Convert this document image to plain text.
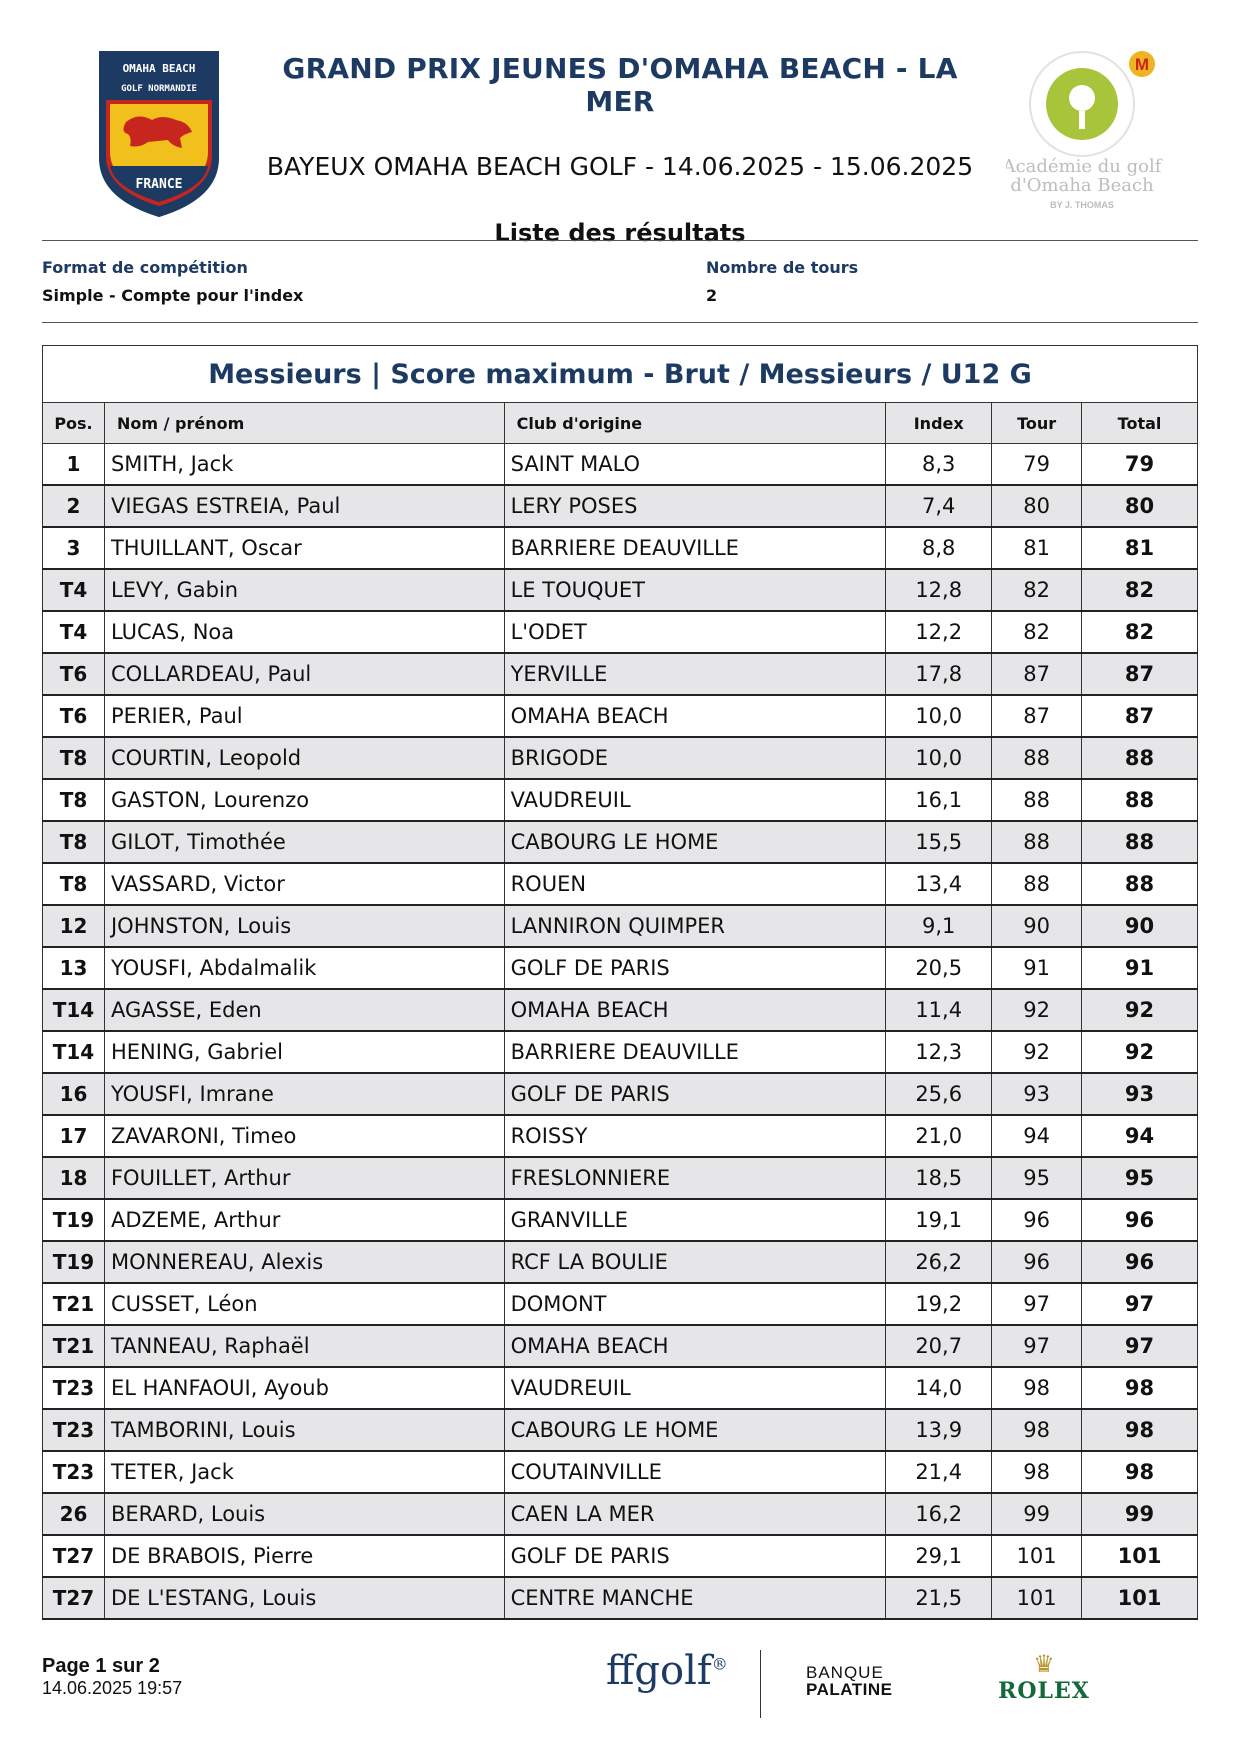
OMAHA BEACH
GOLF NORMANDIE
FRANCE
GRAND PRIX JEUNES D'OMAHA BEACH - LA MER
BAYEUX OMAHA BEACH GOLF - 14.06.2025 - 15.06.2025
Liste des résultats
M
Académie du golf
d'Omaha Beach
BY J. THOMAS
Format de compétition
Simple - Compte pour l'index
Nombre de tours
2
Messieurs | Score maximum - Brut / Messieurs / U12 G					
Pos.	Nom / prénom	Club d'origine	Index	Tour	Total
1	SMITH, Jack	SAINT MALO	8,3	79	79
2	VIEGAS ESTREIA, Paul	LERY POSES	7,4	80	80
3	THUILLANT, Oscar	BARRIERE DEAUVILLE	8,8	81	81
T4	LEVY, Gabin	LE TOUQUET	12,8	82	82
T4	LUCAS, Noa	L'ODET	12,2	82	82
T6	COLLARDEAU, Paul	YERVILLE	17,8	87	87
T6	PERIER, Paul	OMAHA BEACH	10,0	87	87
T8	COURTIN, Leopold	BRIGODE	10,0	88	88
T8	GASTON, Lourenzo	VAUDREUIL	16,1	88	88
T8	GILOT, Timothée	CABOURG LE HOME	15,5	88	88
T8	VASSARD, Victor	ROUEN	13,4	88	88
12	JOHNSTON, Louis	LANNIRON QUIMPER	9,1	90	90
13	YOUSFI, Abdalmalik	GOLF DE PARIS	20,5	91	91
T14	AGASSE, Eden	OMAHA BEACH	11,4	92	92
T14	HENING, Gabriel	BARRIERE DEAUVILLE	12,3	92	92
16	YOUSFI, Imrane	GOLF DE PARIS	25,6	93	93
17	ZAVARONI, Timeo	ROISSY	21,0	94	94
18	FOUILLET, Arthur	FRESLONNIERE	18,5	95	95
T19	ADZEME, Arthur	GRANVILLE	19,1	96	96
T19	MONNEREAU, Alexis	RCF LA BOULIE	26,2	96	96
T21	CUSSET, Léon	DOMONT	19,2	97	97
T21	TANNEAU, Raphaël	OMAHA BEACH	20,7	97	97
T23	EL HANFAOUI, Ayoub	VAUDREUIL	14,0	98	98
T23	TAMBORINI, Louis	CABOURG LE HOME	13,9	98	98
T23	TETER, Jack	COUTAINVILLE	21,4	98	98
26	BERARD, Louis	CAEN LA MER	16,2	99	99
T27	DE BRABOIS, Pierre	GOLF DE PARIS	29,1	101	101
T27	DE L'ESTANG, Louis	CENTRE MANCHE	21,5	101	101
Page 1 sur 2
14.06.2025 19:57	ffgolf®	BANQUE
PALATINE
♛
ROLEX
